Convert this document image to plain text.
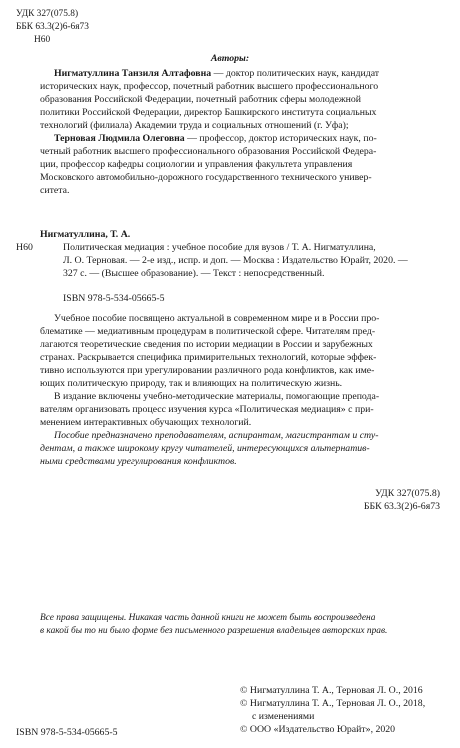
УДК 327(075.8)
ББК 63.3(2)6-6я73
Н60
Авторы:
Нигматуллина Танзиля Алтафовна — доктор политических наук, кандидат
исторических наук, профессор, почетный работник высшего профессионального
образования Российской Федерации, почетный работник сферы молодежной
политики Российской Федерации, директор Башкирского института социальных
технологий (филиала) Академии труда и социальных отношений (г. Уфа);
Терновая Людмила Олеговна — профессор, доктор исторических наук, по-
четный работник высшего профессионального образования Российской Федера-
ции, профессор кафедры социологии и управления факультета управления
Московского автомобильно-дорожного государственного технического универ-
ситета.
Нигматуллина, Т. А.
Н60	Политическая медиация : учебное пособие для вузов / Т. А. Нигматуллина,
Л. О. Терновая. — 2-е изд., испр. и доп. — Москва : Издательство Юрайт, 2020. —
327 с. — (Высшее образование). — Текст : непосредственный.
ISBN 978-5-534-05665-5
Учебное пособие посвящено актуальной в современном мире и в России про-
блематике — медиативным процедурам в политической сфере. Читателям пред-
лагаются теоретические сведения по истории медиации в России и зарубежных
странах. Раскрывается специфика примирительных технологий, которые эффек-
тивно используются при урегулировании различного рода конфликтов, как име-
ющих политическую природу, так и влияющих на политическую жизнь.
В издание включены учебно-методические материалы, помогающие препода-
вателям организовать процесс изучения курса «Политическая медиация» с при-
менением интерактивных обучающих технологий.
Пособие предназначено преподавателям, аспирантам, магистрантам и сту-
дентам, а также широкому кругу читателей, интересующихся альтернатив-
ными средствами урегулирования конфликтов.
УДК 327(075.8)
ББК 63.3(2)6-6я73
Все права защищены. Никакая часть данной книги не может быть воспроизведена
в какой бы то ни было форме без письменного разрешения владельцев авторских прав.
© Нигматуллина Т. А., Терновая Л. О., 2016
© Нигматуллина Т. А., Терновая Л. О., 2018,
с изменениями
© ООО «Издательство Юрайт», 2020
ISBN 978-5-534-05665-5
